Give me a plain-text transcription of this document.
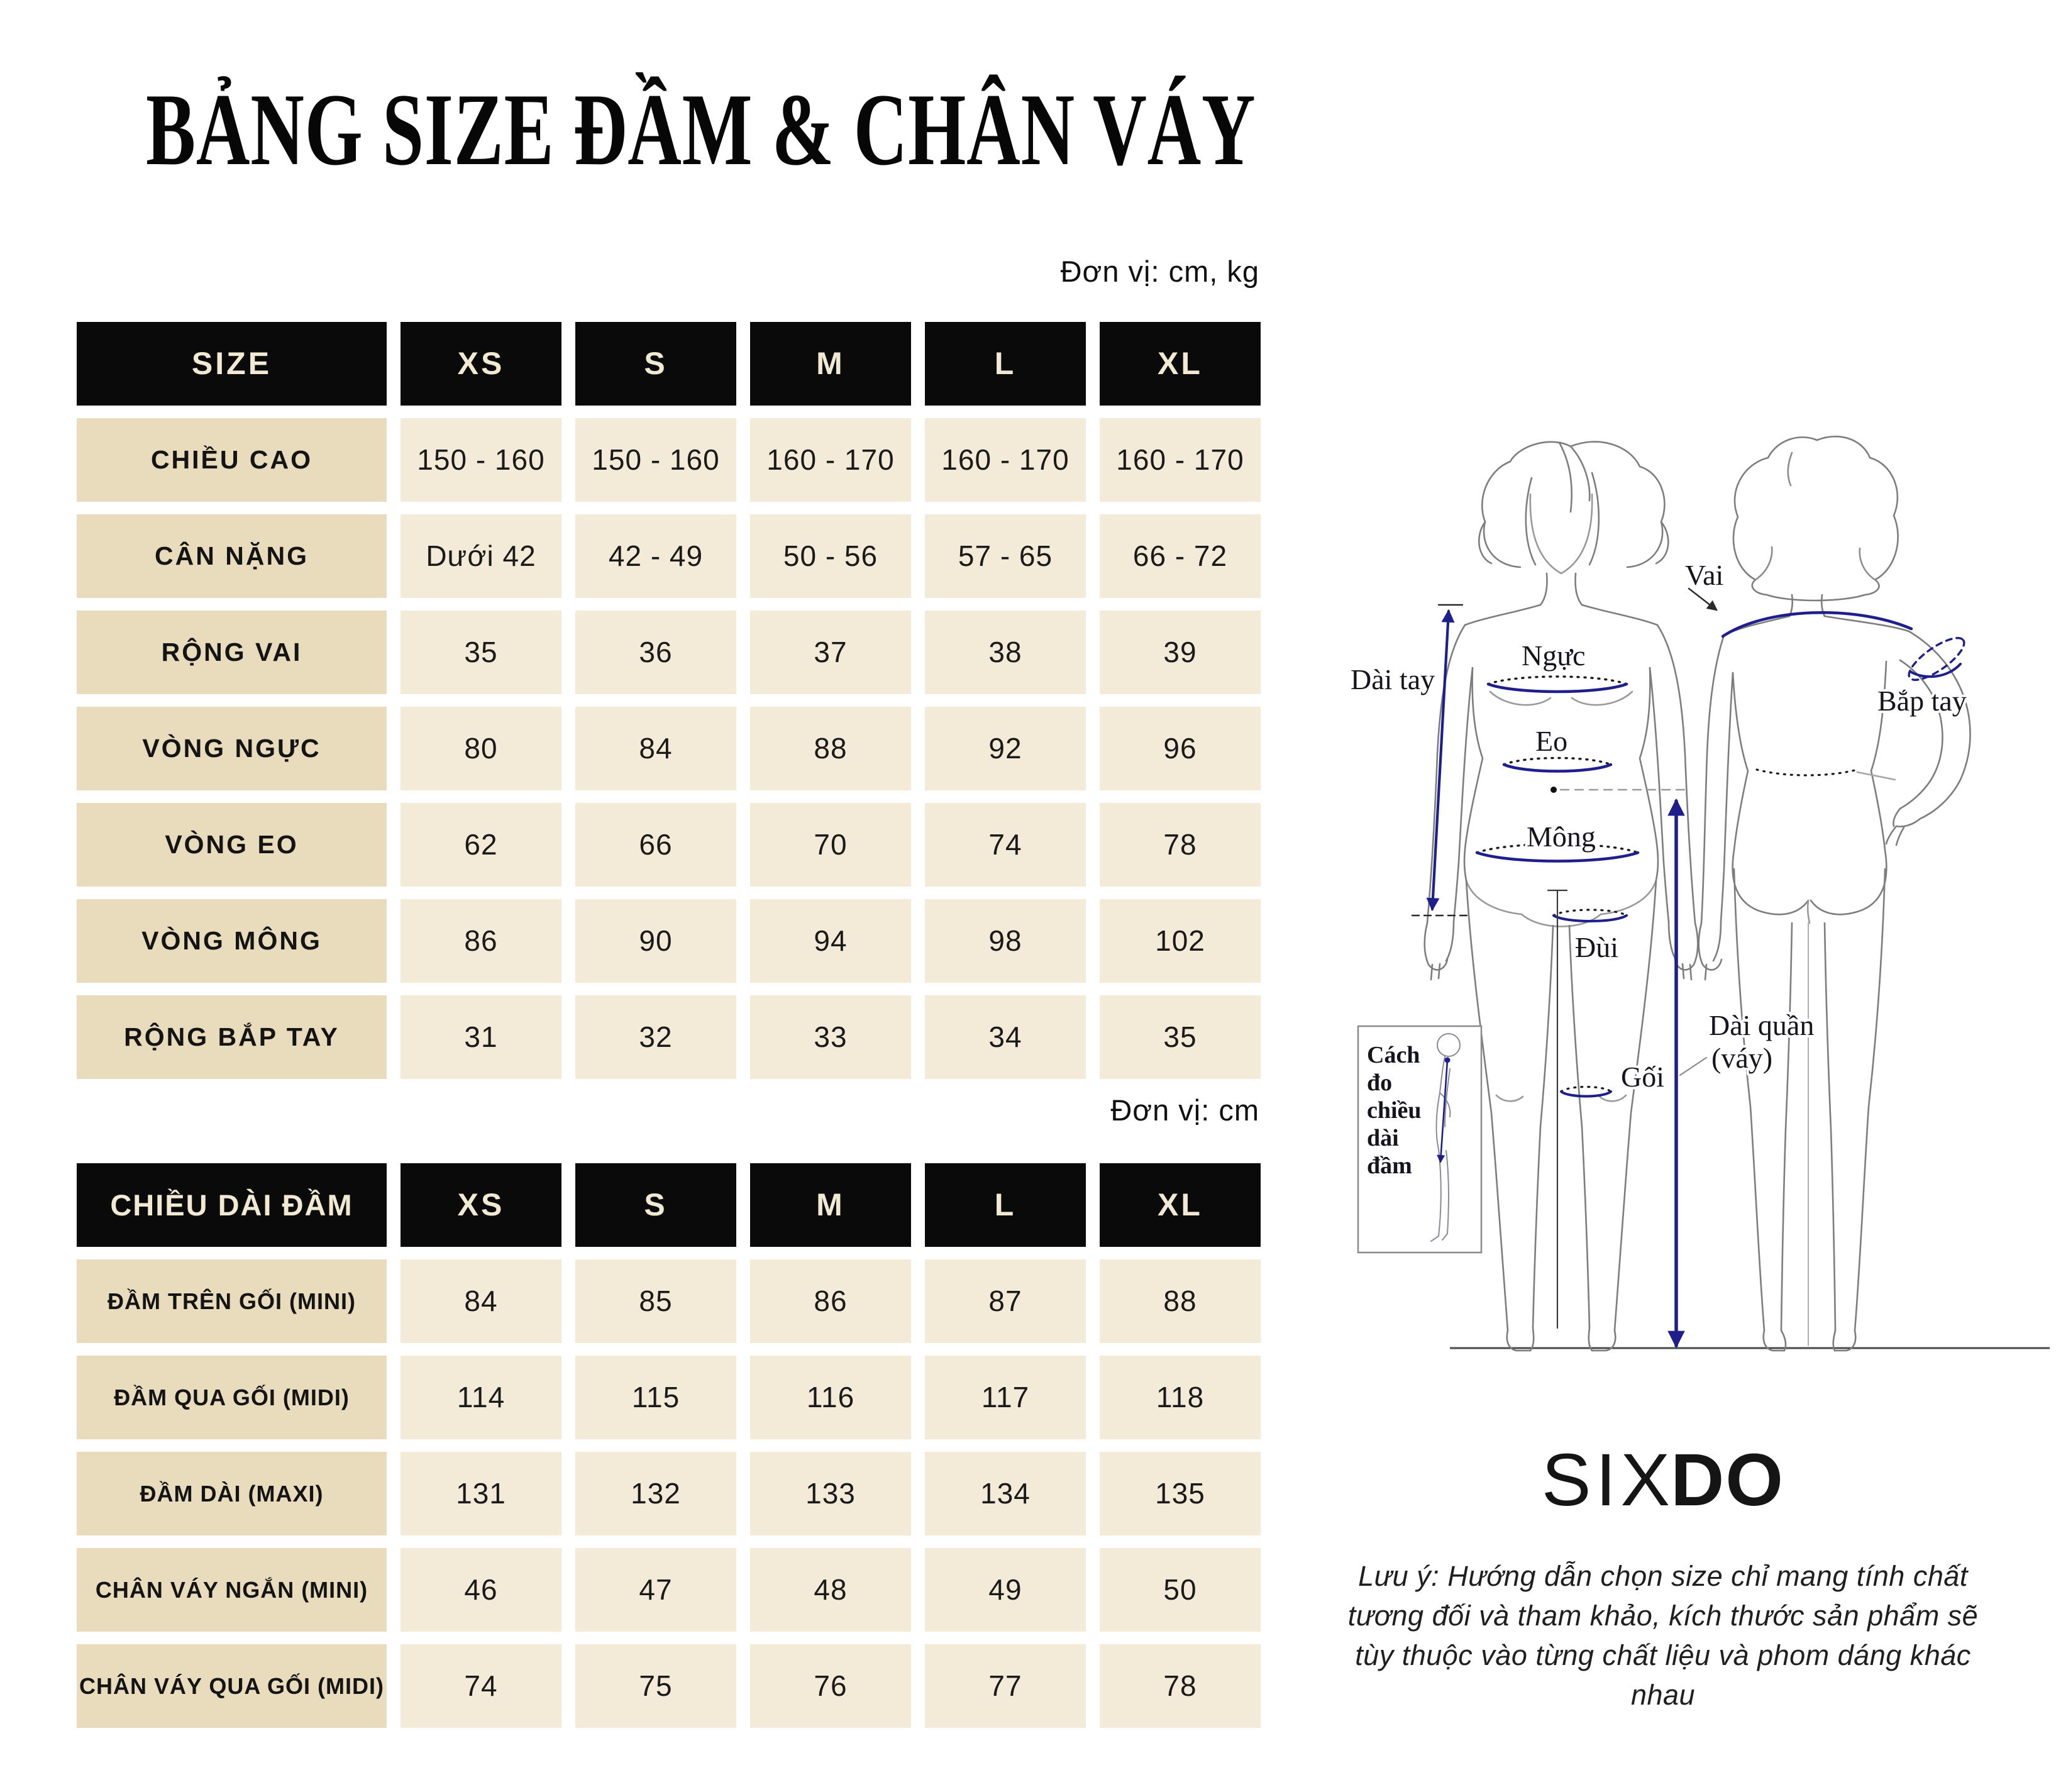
BẢNG SIZE ĐẦM & CHÂN VÁY
Đơn vị: cm, kg
SIZE	XS	S	M	L	XL
CHIỀU CAO	150 - 160	150 - 160	160 - 170	160 - 170	160 - 170
CÂN NẶNG	Dưới 42	42 - 49	50 - 56	57 - 65	66 - 72
RỘNG VAI	35	36	37	38	39
VÒNG NGỰC	80	84	88	92	96
VÒNG EO	62	66	70	74	78
VÒNG MÔNG	86	90	94	98	102
RỘNG BẮP TAY	31	32	33	34	35
Đơn vị: cm
CHIỀU DÀI ĐẦM	XS	S	M	L	XL
ĐẦM TRÊN GỐI (MINI)	84	85	86	87	88
ĐẦM QUA GỐI (MIDI)	114	115	116	117	118
ĐẦM DÀI (MAXI)	131	132	133	134	135
CHÂN VÁY NGẮN (MINI)	46	47	48	49	50
CHÂN VÁY QUA GỐI (MIDI)	74	75	76	77	78
Dài tay
Ngực
Eo
Mông
Vai
Bắp tay
Đùi
Gối
Dài quần
(váy)
Cách
đo
chiều
dài
đầm
SIX
DO
Lưu ý: Hướng dẫn chọn size chỉ mang tính chất tương đối và tham khảo, kích thước sản phẩm sẽ tùy thuộc vào từng chất liệu và phom dáng khác nhau
